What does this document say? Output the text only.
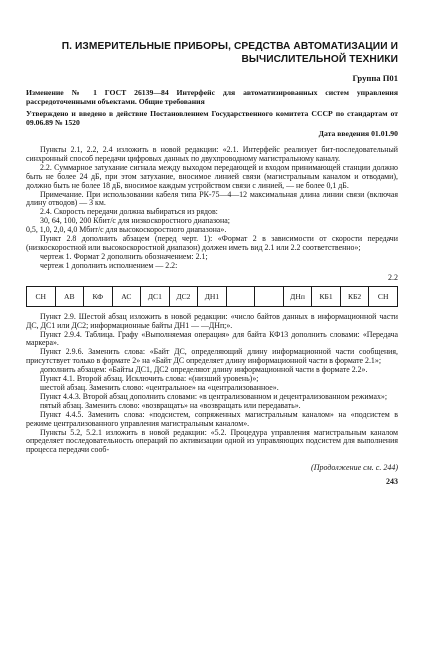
П. ИЗМЕРИТЕЛЬНЫЕ ПРИБОРЫ, СРЕДСТВА АВТОМАТИЗАЦИИ И
ВЫЧИСЛИТЕЛЬНОЙ ТЕХНИКИ
Группа П01
Изменение № 1 ГОСТ 26139—84 Интерфейс для автоматизированных систем управления рассредоточенными объектами. Общие требования
Утверждено и введено в действие Постановлением Государственного комитета СССР по стандартам от 09.06.89 № 1520
Дата введения 01.01.90

Пункты 2.1, 2.2, 2.4 изложить в новой редакции: «2.1. Интерфейс реализует бит-последовательный синхронный способ передачи цифровых данных по двухпроводному магистральному каналу.

2.2. Суммарное затухание сигнала между выходом передающей и входом принимающей станции должно быть не более 24 дБ, при этом затухание, вносимое линией связи (магистральным каналом и отводами), должно быть не более 18 дБ, вносимое каждым устройством связи с линией, — не более 0,1 дБ.

Примечание. При использовании кабеля типа РК-75—4—12 максимальная длина линии связи (включая длину отводов) — 3 км.

2.4. Скорость передачи должна выбираться из рядов:

30, 64, 100, 200 Кбит/с для низкоскоростного диапазона;

0,5, 1,0, 2,0, 4,0 Мбит/с для высокоскоростного диапазона».

Пункт 2.8 дополнить абзацем (перед черт. 1): «Формат 2 в зависимости от скорости передачи (низкоскоростной или высокоскоростной диапазон) должен иметь вид 2.1 или 2.2 соответственно»;

чертеж 1. Формат 2 дополнить обозначением: 2.1;

чертеж 1 дополнить исполнением — 2.2:

2.2
СН	АВ	КФ	АС	ДС1	ДС2	ДН1			ДНп	КБ1	КБ2	СН

Пункт 2.9. Шестой абзац изложить в новой редакции: «число байтов данных в информационной части ДС, ДС1 или ДС2; информационные байты ДН1 — —ДНп;».

Пункт 2.9.4. Таблица. Графу «Выполняемая операция» для байта КФ13 дополнить словами: «Передача маркера».

Пункт 2.9.6. Заменить слова: «Байт ДС, определяющий длину информационной части сообщения, присутствует только в формате 2» на «Байт ДС определяет длину информационной части в формате 2.1»;

дополнить абзацем: «Байты ДС1, ДС2 определяют длину информационной части в формате 2.2».

Пункт 4.1. Второй абзац. Исключить слова: «(низший уровень)»;

шестой абзац. Заменить слово: «центральное» на «централизованное».

Пункт 4.4.3. Второй абзац дополнить словами: «в централизованном и децентрализованном режимах»;

пятый абзац. Заменить слово: «возвращать» на «возвращать или передавать».

Пункт 4.4.5. Заменить слова: «подсистем, сопряженных магистральным каналом» на «подсистем в режиме централизованного управления магистральным каналом».

Пункты 5.2, 5.2.1 изложить в новой редакции: «5.2. Процедура управления магистральным каналом определяет последовательность операций по активизации одной из управляющих подсистем для выполнения процесса передачи сооб-

(Продолжение см. с. 244)
243
